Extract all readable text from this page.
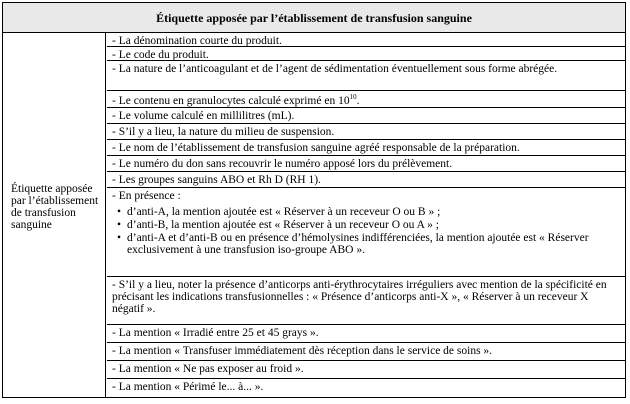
Étiquette apposée par l’établissement de transfusion sanguine
Étiquette apposée par l’établissement de transfusion sanguine
- La dénomination courte du produit.
- Le code du produit.
- La nature de l’anticoagulant et de l’agent de sédimentation éventuellement sous forme abrégée.
- Le contenu en granulocytes calculé exprimé en $10^{10}$.
- Le volume calculé en millilitres (mL).
- S’il y a lieu, la nature du milieu de suspension.
- Le nom de l’établissement de transfusion sanguine agréé responsable de la préparation.
- Le numéro du don sans recouvrir le numéro apposé lors du prélèvement.
- Les groupes sanguins ABO et Rh D (RH 1).
- En présence :
• d’anti-A, la mention ajoutée est « Réserver à un receveur O ou B » ;
• d’anti-B, la mention ajoutée est « Réserver à un receveur O ou A » ;
• d’anti-A et d’anti-B ou en présence d’hémolysines indifférenciées, la mention ajoutée est « Réserver exclusivement à une transfusion iso-groupe ABO ».
- S’il y a lieu, noter la présence d’anticorps anti-érythrocytaires irréguliers avec mention de la spécificité en précisant les indications transfusionnelles : « Présence d’anticorps anti-X », « Réserver à un receveur X négatif ».
- La mention « Irradié entre 25 et 45 grays ».
- La mention « Transfuser immédiatement dès réception dans le service de soins ».
- La mention « Ne pas exposer au froid ».
- La mention « Périmé le... à... ».
